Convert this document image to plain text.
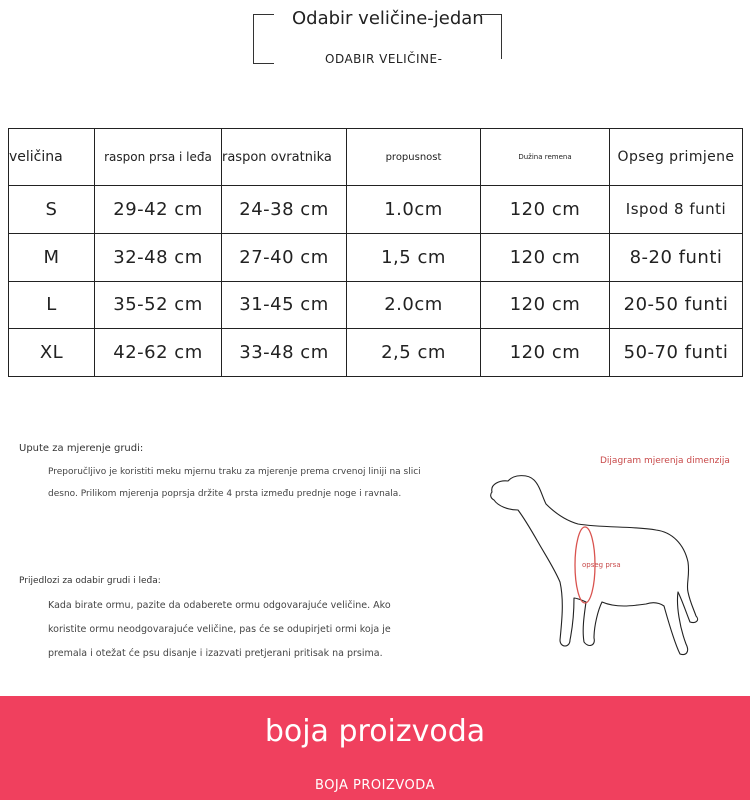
Odabir veličine-jedan
ODABIR VELIČINE-
veličina	raspon prsa i leđa	raspon ovratnika	propusnost	Dužina remena	Opseg primjene
S	29-42 cm	24-38 cm	1.0cm	120 cm	Ispod 8 funti
M	32-48 cm	27-40 cm	1,5 cm	120 cm	8-20 funti
L	35-52 cm	31-45 cm	2.0cm	120 cm	20-50 funti
XL	42-62 cm	33-48 cm	2,5 cm	120 cm	50-70 funti
Upute za mjerenje grudi:
Preporučljivo je koristiti meku mjernu traku za mjerenje prema crvenoj liniji na slici
desno. Prilikom mjerenja poprsja držite 4 prsta između prednje noge i ravnala.
Prijedlozi za odabir grudi i leđa:
Kada birate ormu, pazite da odaberete ormu odgovarajuće veličine. Ako
koristite ormu neodgovarajuće veličine, pas će se odupirjeti ormi koja je
premala i otežat će psu disanje i izazvati pretjerani pritisak na prsima.
Dijagram mjerenja dimenzija
opseg prsa
boja proizvoda
BOJA PROIZVODA
